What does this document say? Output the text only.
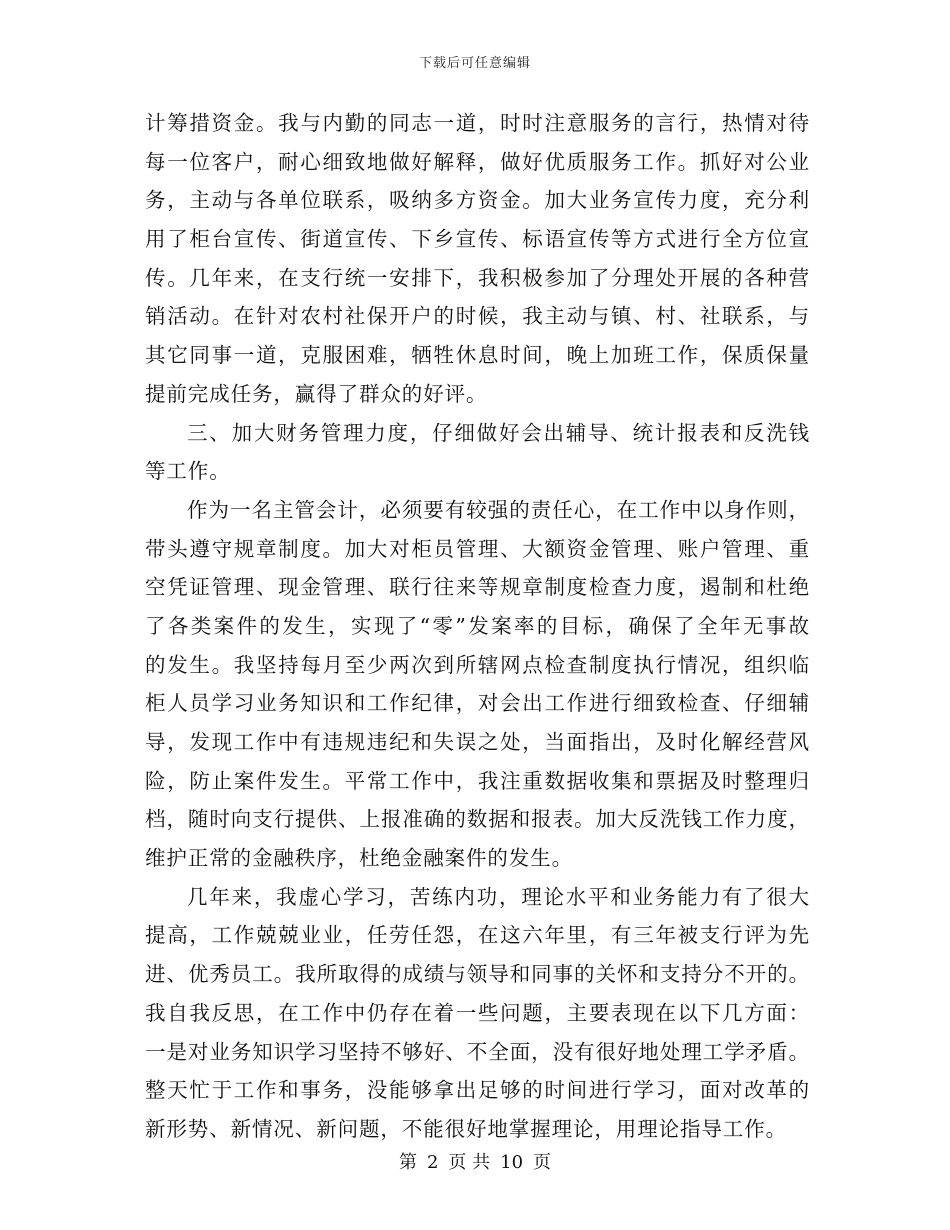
下载后可任意编辑
计筹措资金。我与内勤的同志一道，时时注意服务的言行，热情对待
每一位客户，耐心细致地做好解释，做好优质服务工作。抓好对公业
务，主动与各单位联系，吸纳多方资金。加大业务宣传力度，充分利
用了柜台宣传、街道宣传、下乡宣传、标语宣传等方式进行全方位宣
传。几年来，在支行统一安排下，我积极参加了分理处开展的各种营
销活动。在针对农村社保开户的时候，我主动与镇、村、社联系，与
其它同事一道，克服困难，牺牲休息时间，晚上加班工作，保质保量
提前完成任务，赢得了群众的好评。
三、加大财务管理力度，仔细做好会出辅导、统计报表和反洗钱
等工作。
作为一名主管会计，必须要有较强的责任心，在工作中以身作则，
带头遵守规章制度。加大对柜员管理、大额资金管理、账户管理、重
空凭证管理、现金管理、联行往来等规章制度检查力度，遏制和杜绝
了各类案件的发生，实现了“零”发案率的目标，确保了全年无事故
的发生。我坚持每月至少两次到所辖网点检查制度执行情况，组织临
柜人员学习业务知识和工作纪律，对会出工作进行细致检查、仔细辅
导，发现工作中有违规违纪和失误之处，当面指出，及时化解经营风
险，防止案件发生。平常工作中，我注重数据收集和票据及时整理归
档，随时向支行提供、上报准确的数据和报表。加大反洗钱工作力度，
维护正常的金融秩序，杜绝金融案件的发生。
几年来，我虚心学习，苦练内功，理论水平和业务能力有了很大
提高，工作兢兢业业，任劳任怨，在这六年里，有三年被支行评为先
进、优秀员工。我所取得的成绩与领导和同事的关怀和支持分不开的。
我自我反思，在工作中仍存在着一些问题，主要表现在以下几方面：
一是对业务知识学习坚持不够好、不全面，没有很好地处理工学矛盾。
整天忙于工作和事务，没能够拿出足够的时间进行学习，面对改革的
新形势、新情况、新问题，不能很好地掌握理论，用理论指导工作。
第 2 页 共 10 页
